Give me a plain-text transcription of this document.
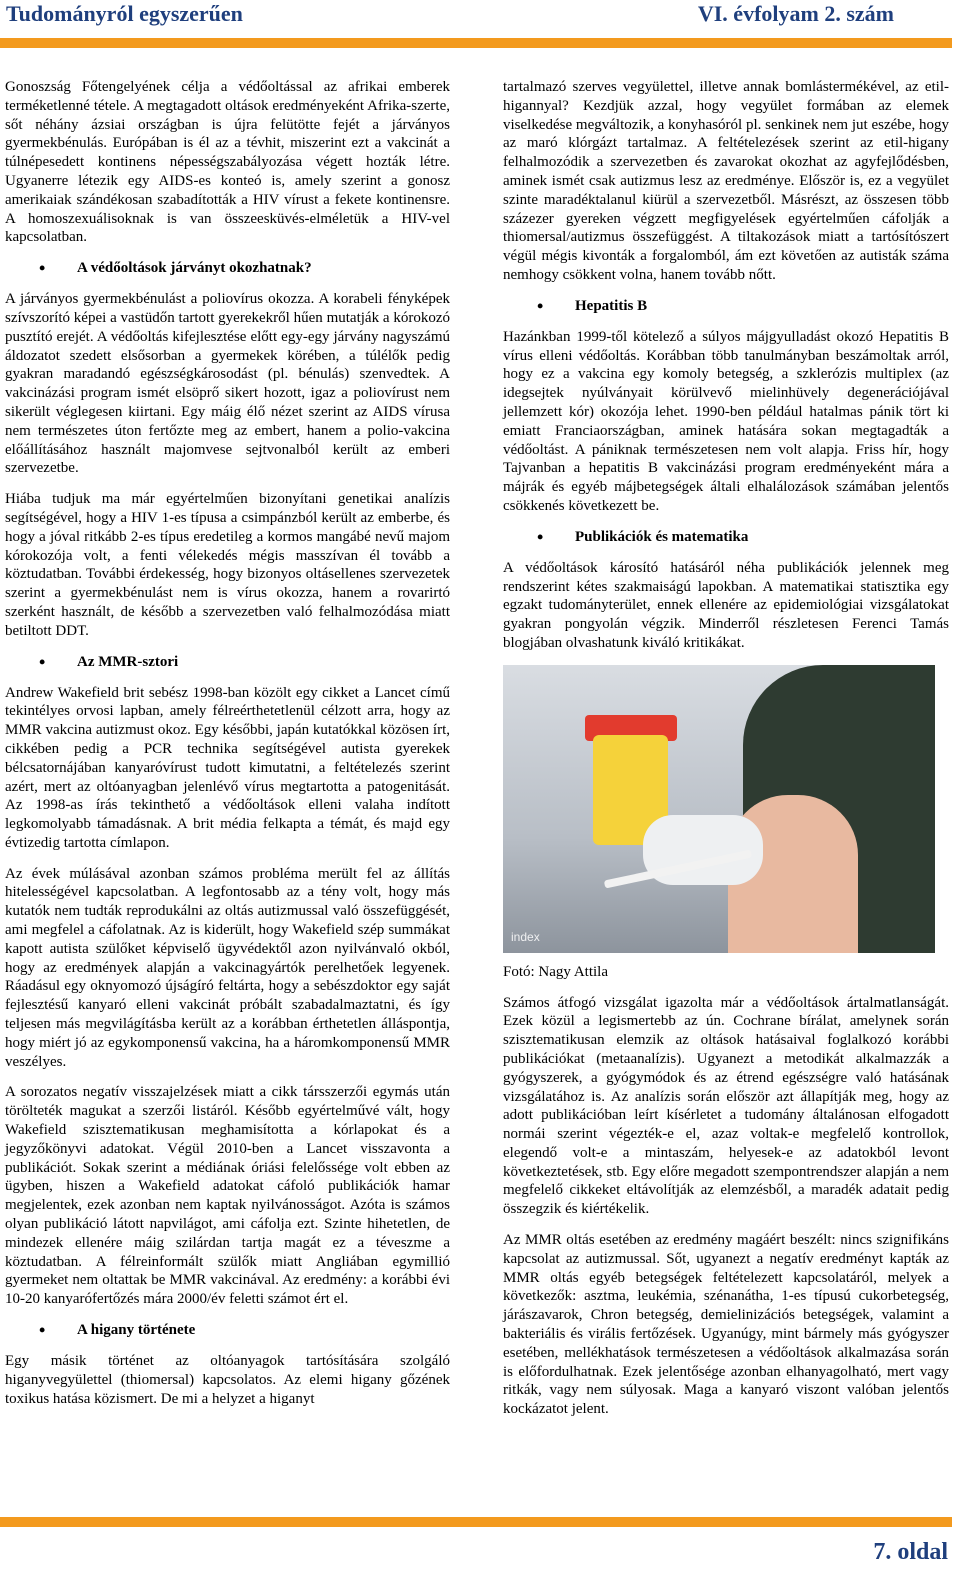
Tudományról egyszerűen	VI. évfolyam 2. szám

Gonoszság Főtengelyének célja a védőoltással az afrikai emberek terméketlenné tétele. A megtagadott oltások eredményeként Afrika-szerte, sőt néhány ázsiai országban is újra felütötte fejét a járványos gyermekbénulás. Európában is él az a tévhit, miszerint ezt a vakcinát a túlnépesedett kontinens népességszabályozása végett hozták létre. Ugyanerre létezik egy AIDS-es konteó is, amely szerint a gonosz amerikaiak szándékosan szabadították a HIV vírust a fekete kontinensre. A homoszexuálisoknak is van összeesküvés-elméletük a HIV-vel kapcsolatban.

• A védőoltások járványt okozhatnak?

A járványos gyermekbénulást a poliovírus okozza. A korabeli fényképek szívszorító képei a vastüdőn tartott gyerekekről hűen mutatják a kórokozó pusztító erejét. A védőoltás kifejlesztése előtt egy-egy járvány nagyszámú áldozatot szedett elsősorban a gyermekek körében, a túlélők pedig gyakran maradandó egészségkárosodást (pl. bénulás) szenvedtek. A vakcinázási program ismét elsöprő sikert hozott, igaz a poliovírust nem sikerült véglegesen kiirtani. Egy máig élő nézet szerint az AIDS vírusa nem természetes úton fertőzte meg az embert, hanem a polio-vakcina előállításához használt majomvese sejtvonalból került az emberi szervezetbe.

Hiába tudjuk ma már egyértelműen bizonyítani genetikai analízis segítségével, hogy a HIV 1-es típusa a csimpánzból került az emberbe, és hogy a jóval ritkább 2-es típus eredetileg a kormos mangábé nevű majom kórokozója volt, a fenti vélekedés mégis masszívan él tovább a köztudatban. További érdekesség, hogy bizonyos oltásellenes szervezetek szerint a gyermekbénulást nem is vírus okozza, hanem a rovarirtó szerként használt, de később a szervezetben való felhalmozódása miatt betiltott DDT.

• Az MMR-sztori

Andrew Wakefield brit sebész 1998-ban közölt egy cikket a Lancet című tekintélyes orvosi lapban, amely félreérthetetlenül célzott arra, hogy az MMR vakcina autizmust okoz. Egy későbbi, japán kutatókkal közösen írt, cikkében pedig a PCR technika segítségével autista gyerekek bélcsatornájában kanyaróvírust tudott kimutatni, a feltételezés szerint azért, mert az oltóanyagban jelenlévő vírus megtartotta a patogenitását. Az 1998-as írás tekinthető a védőoltások elleni valaha indított legkomolyabb támadásnak. A brit média felkapta a témát, és majd egy évtizedig tartotta címlapon.

Az évek múlásával azonban számos probléma merült fel az állítás hitelességével kapcsolatban. A legfontosabb az a tény volt, hogy más kutatók nem tudták reprodukálni az oltás autizmussal való összefüggését, ami megfelel a cáfolatnak. Az is kiderült, hogy Wakefield szép summákat kapott autista szülőket képviselő ügyvédektől azon nyilvánvaló okból, hogy az eredmények alapján a vakcinagyártók perelhetőek legyenek. Ráadásul egy oknyomozó újságíró feltárta, hogy a sebészdoktor egy saját fejlesztésű kanyaró elleni vakcinát próbált szabadalmaztatni, és így teljesen más megvilágításba került az a korábban érthetetlen álláspontja, hogy miért jó az egykomponensű vakcina, ha a háromkomponensű MMR veszélyes.

A sorozatos negatív visszajelzések miatt a cikk társszerzői egymás után törölteték magukat a szerzői listáról. Később egyértelművé vált, hogy Wakefield szisztematikusan meghamisította a kórlapokat és a jegyzőkönyvi adatokat. Végül 2010-ben a Lancet visszavonta a publikációt. Sokak szerint a médiának óriási felelőssége volt ebben az ügyben, hiszen a Wakefield adatokat cáfoló publikációk hamar megjelentek, ezek azonban nem kaptak nyilvánosságot. Azóta is számos olyan publikáció látott napvilágot, ami cáfolja ezt. Szinte hihetetlen, de mindezek ellenére máig szilárdan tartja magát ez a téveszme a köztudatban. A félreinformált szülők miatt Angliában egymillió gyermeket nem oltattak be MMR vakcinával. Az eredmény: a korábbi évi 10-20 kanyarófertőzés mára 2000/év feletti számot ért el.

• A higany története

Egy másik történet az oltóanyagok tartósítására szolgáló higanyvegyülettel (thiomersal) kapcsolatos. Az elemi higany gőzének toxikus hatása közismert. De mi a helyzet a higanyt

tartalmazó szerves vegyülettel, illetve annak bomlástermékével, az etil-higannyal? Kezdjük azzal, hogy vegyület formában az elemek viselkedése megváltozik, a konyhasóról pl. senkinek nem jut eszébe, hogy az maró klórgázt tartalmaz. A feltételezések szerint az etil-higany felhalmozódik a szervezetben és zavarokat okozhat az agyfejlődésben, aminek ismét csak autizmus lesz az eredménye. Először is, ez a vegyület szinte maradéktalanul kiürül a szervezetből. Másrészt, az összesen több százezer gyereken végzett megfigyelések egyértelműen cáfolják a thiomersal/autizmus összefüggést. A tiltakozások miatt a tartósítószert végül mégis kivonták a forgalomból, ám ezt követően az autisták száma nemhogy csökkent volna, hanem tovább nőtt.

• Hepatitis B

Hazánkban 1999-től kötelező a súlyos májgyulladást okozó Hepatitis B vírus elleni védőoltás. Korábban több tanulmányban beszámoltak arról, hogy ez a vakcina egy komoly betegség, a szklerózis multiplex (az idegsejtek nyúlványait körülvevő mielinhüvely degenerációjával jellemzett kór) okozója lehet. 1990-ben például hatalmas pánik tört ki emiatt Franciaországban, aminek hatására sokan megtagadták a védőoltást. A pániknak természetesen nem volt alapja. Friss hír, hogy Tajvanban a hepatitis B vakcinázási program eredményeként mára a májrák és egyéb májbetegségek általi elhalálozások számában jelentős csökkenés következett be.

• Publikációk és matematika

A védőoltások károsító hatásáról néha publikációk jelennek meg rendszerint kétes szakmaiságú lapokban. A matematikai statisztika egy egzakt tudományterület, ennek ellenére az epidemiológiai vizsgálatokat gyakran pongyolán végzik. Minderről részletesen Ferenci Tamás blogjában olvashatunk kiváló kritikákat.

index

Fotó: Nagy Attila

Számos átfogó vizsgálat igazolta már a védőoltások ártalmatlanságát. Ezek közül a legismertebb az ún. Cochrane bírálat, amelynek során szisztematikusan elemzik az oltások hatásaival foglalkozó korábbi publikációkat (metaanalízis). Ugyanezt a metodikát alkalmazzák a gyógyszerek, a gyógymódok és az étrend egészségre való hatásának vizsgálatához is. Az analízis során először azt állapítják meg, hogy az adott publikációban leírt kísérletet a tudomány általánosan elfogadott normái szerint végezték-e el, azaz voltak-e megfelelő kontrollok, elegendő volt-e a mintaszám, helyesek-e az adatokból levont következtetések, stb. Egy előre megadott szempontrendszer alapján a nem megfelelő cikkeket eltávolítják az elemzésből, a maradék adatait pedig összegzik és kiértékelik.

Az MMR oltás esetében az eredmény magáért beszélt: nincs szignifikáns kapcsolat az autizmussal. Sőt, ugyanezt a negatív eredményt kapták az MMR oltás egyéb betegségek feltételezett kapcsolatáról, melyek a következők: asztma, leukémia, szénanátha, 1-es típusú cukorbetegség, járászavarok, Chron betegség, demielinizációs betegségek, valamint a bakteriális és virális fertőzések. Ugyanúgy, mint bármely más gyógyszer esetében, mellékhatások természetesen a védőoltások alkalmazása során is előfordulhatnak. Ezek jelentősége azonban elhanyagolható, mert vagy ritkák, vagy nem súlyosak. Maga a kanyaró viszont valóban jelentős kockázatot jelent.

7. oldal
